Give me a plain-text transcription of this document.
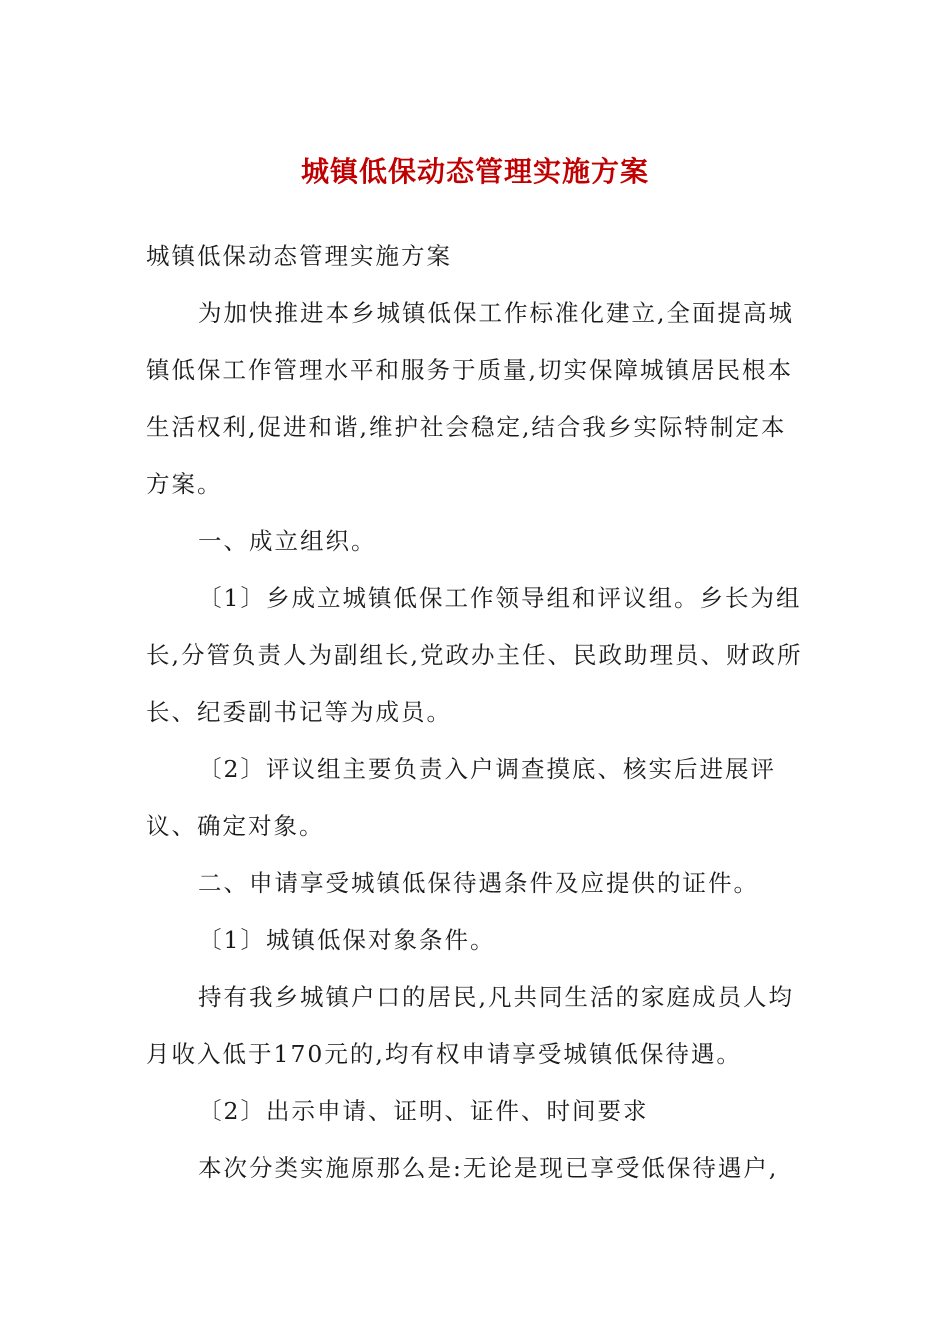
城镇低保动态管理实施方案

城镇低保动态管理实施方案

为加快推进本乡城镇低保工作标准化建立,全面提高城镇低保工作管理水平和服务于质量,切实保障城镇居民根本生活权利,促进和谐,维护社会稳定,结合我乡实际特制定本方案。

一、成立组织。

〔1〕乡成立城镇低保工作领导组和评议组。乡长为组长,分管负责人为副组长,党政办主任、民政助理员、财政所长、纪委副书记等为成员。

〔2〕评议组主要负责入户调查摸底、核实后进展评议、确定对象。

二、申请享受城镇低保待遇条件及应提供的证件。

〔1〕城镇低保对象条件。

持有我乡城镇户口的居民,凡共同生活的家庭成员人均月收入低于170元的,均有权申请享受城镇低保待遇。

〔2〕出示申请、证明、证件、时间要求

本次分类实施原那么是:无论是现已享受低保待遇户,
